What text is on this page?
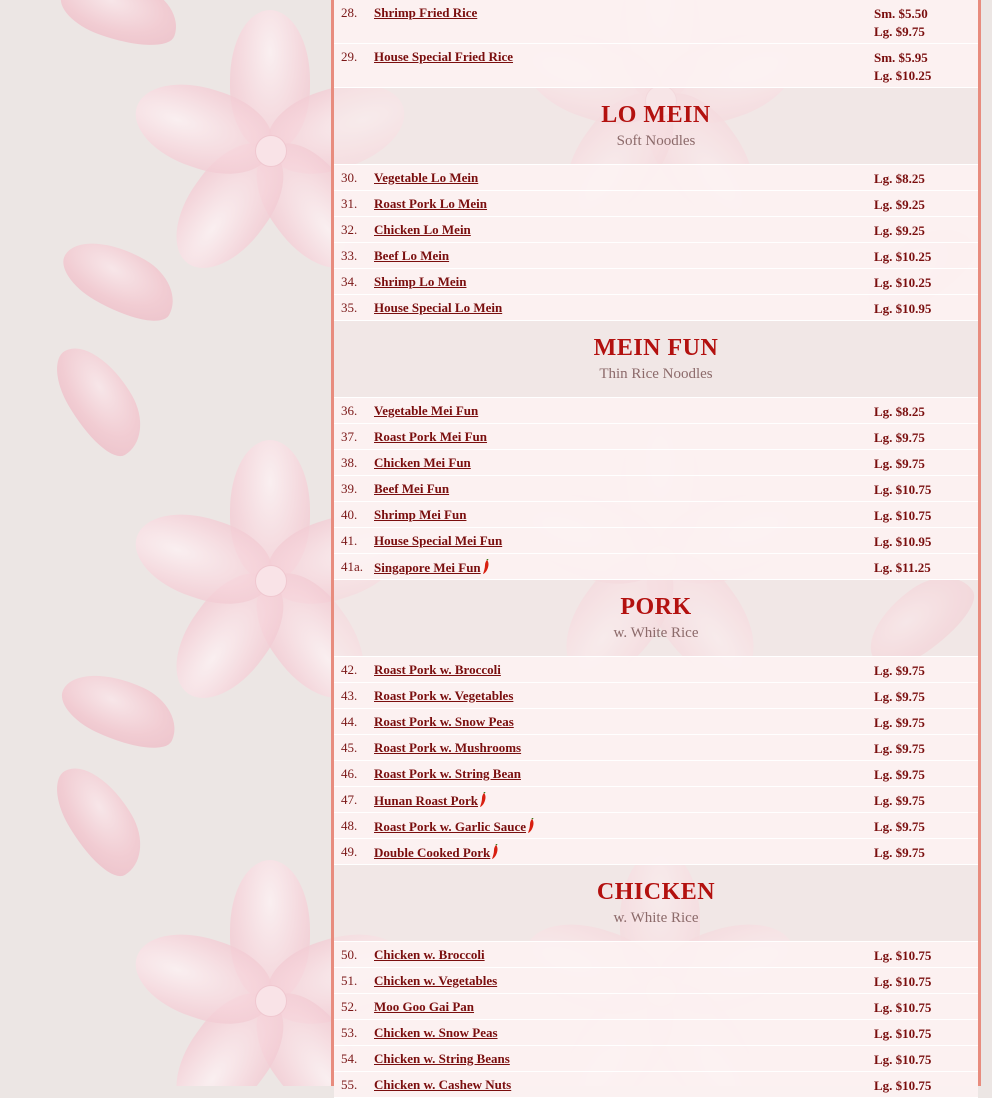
28. Shrimp Fried Rice	Sm. $5.50
Lg. $9.75
29. House Special Fried Rice	Sm. $5.95
Lg. $10.25
LO MEIN
Soft Noodles
30. Vegetable Lo Mein	Lg. $8.25
31. Roast Pork Lo Mein	Lg. $9.25
32. Chicken Lo Mein	Lg. $9.25
33. Beef Lo Mein	Lg. $10.25
34. Shrimp Lo Mein	Lg. $10.25
35. House Special Lo Mein	Lg. $10.95
MEIN FUN
Thin Rice Noodles
36. Vegetable Mei Fun	Lg. $8.25
37. Roast Pork Mei Fun	Lg. $9.75
38. Chicken Mei Fun	Lg. $9.75
39. Beef Mei Fun	Lg. $10.75
40. Shrimp Mei Fun	Lg. $10.75
41. House Special Mei Fun	Lg. $10.95
41a. Singapore Mei Fun	Lg. $11.25
PORK
w. White Rice
42. Roast Pork w. Broccoli	Lg. $9.75
43. Roast Pork w. Vegetables	Lg. $9.75
44. Roast Pork w. Snow Peas	Lg. $9.75
45. Roast Pork w. Mushrooms	Lg. $9.75
46. Roast Pork w. String Bean	Lg. $9.75
47. Hunan Roast Pork	Lg. $9.75
48. Roast Pork w. Garlic Sauce	Lg. $9.75
49. Double Cooked Pork	Lg. $9.75
CHICKEN
w. White Rice
50. Chicken w. Broccoli	Lg. $10.75
51. Chicken w. Vegetables	Lg. $10.75
52. Moo Goo Gai Pan	Lg. $10.75
53. Chicken w. Snow Peas	Lg. $10.75
54. Chicken w. String Beans	Lg. $10.75
55. Chicken w. Cashew Nuts	Lg. $10.75
